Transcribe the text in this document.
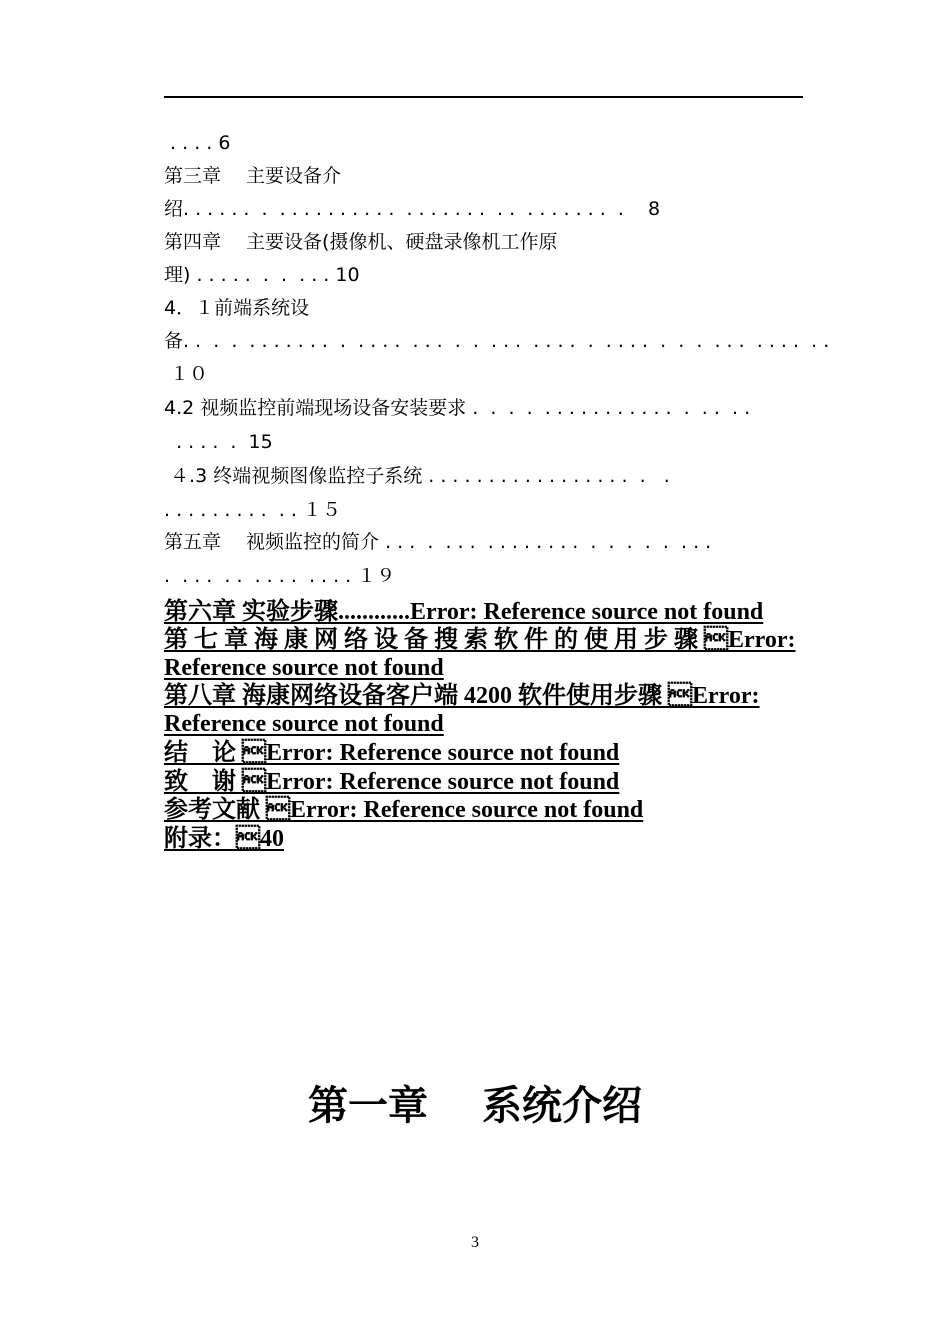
. . . . 6
第三章　 主要设备介
绍. . . . . .  .  . . . . . . . . . .  . . . . . . .  . .  . . . . . . .  .    8
第四章　 主要设备(摄像机、硬盘录像机工作原
理) . . . . .  .  .  . . . 10
4．１前端系统设
备. .  .  .  . . . . . . .  .  . . . .  . . .  .  .  . . .  . . . .  .  . . . .  .  .  .  . . .  . . . .  . .
１０
4.2 视频监控前端现场设备安装要求 .  .  .  .  . . . . . . . . . . .  .  . .  . .
. . . .  .  15
４.3 终端视频图像监控子系统 . . . . . . . . . . . . . . . . .  .   .
. . . . . . . . .  . . １５
第五章　 视频监控的简介 . . .  .  . . .  . . . . . . . .  .  .  .  .  .  . . .
.  . . .  . .  . . . .  . . . . １９
第六章 实验步骤............Error: Reference source not found
第 七 章 海 康 网 络 设 备 搜 索 软 件 的 使 用 步 骤 Error:
Reference source not found
第八章 海康网络设备客户端 4200 软件使用步骤 Error:
Reference source not found
结　论 Error: Reference source not found
致　谢 Error: Reference source not found
参考文献 Error: Reference source not found
附录：40
第一章　 系统介绍
3
